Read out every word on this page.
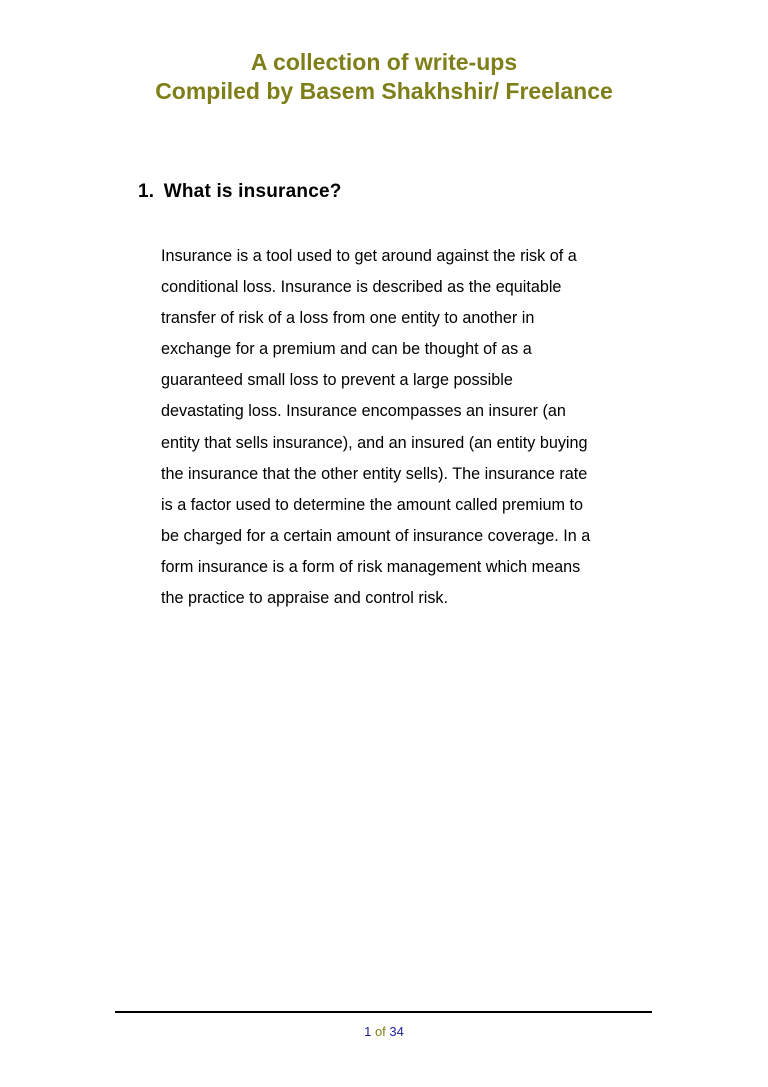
A collection of write-ups
Compiled by Basem Shakhshir/ Freelance
1. What is insurance?
Insurance is a tool used to get around against the risk of a
conditional loss. Insurance is described as the equitable
transfer of risk of a loss from one entity to another in
exchange for a premium and can be thought of as a
guaranteed small loss to prevent a large possible
devastating loss. Insurance encompasses an insurer (an
entity that sells insurance), and an insured (an entity buying
the insurance that the other entity sells). The insurance rate
is a factor used to determine the amount called premium to
be charged for a certain amount of insurance coverage. In a
form insurance is a form of risk management which means
the practice to appraise and control risk.
1 of 34
